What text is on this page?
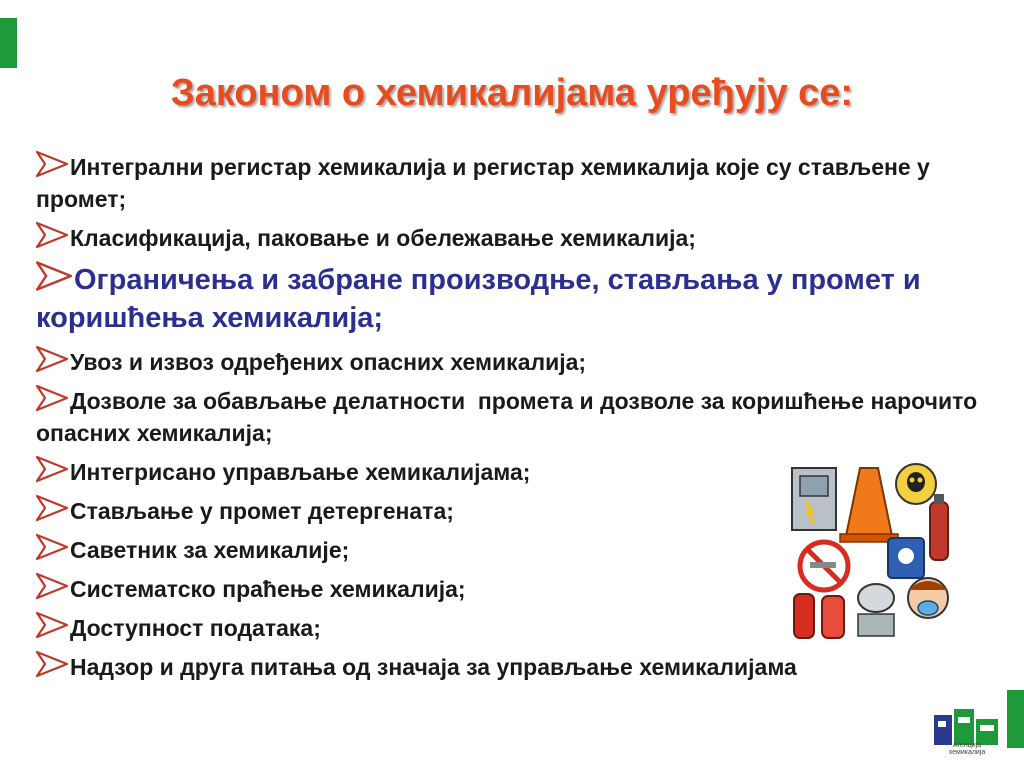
Законом о хемикалијама уређују се:
Интегрални регистар хемикалија и регистар хемикалија које су стављене у промет;
Класификација, паковање и обележавање хемикалија;
Ограничења и забране производње, стављања у промет и коришћења хемикалија;
Увоз и извоз одређених опасних хемикалија;
Дозволе за обављање делатности  промета и дозволе за коришћење нарочито опасних хемикалија;
Интегрисано управљање хемикалијама;
Стављање у промет детергената;
Саветник за хемикалије;
Систематско праћење хемикалија;
Доступност података;
Надзор и друга питања од значаја за управљање хемикалијама
Агенција хемикалија
